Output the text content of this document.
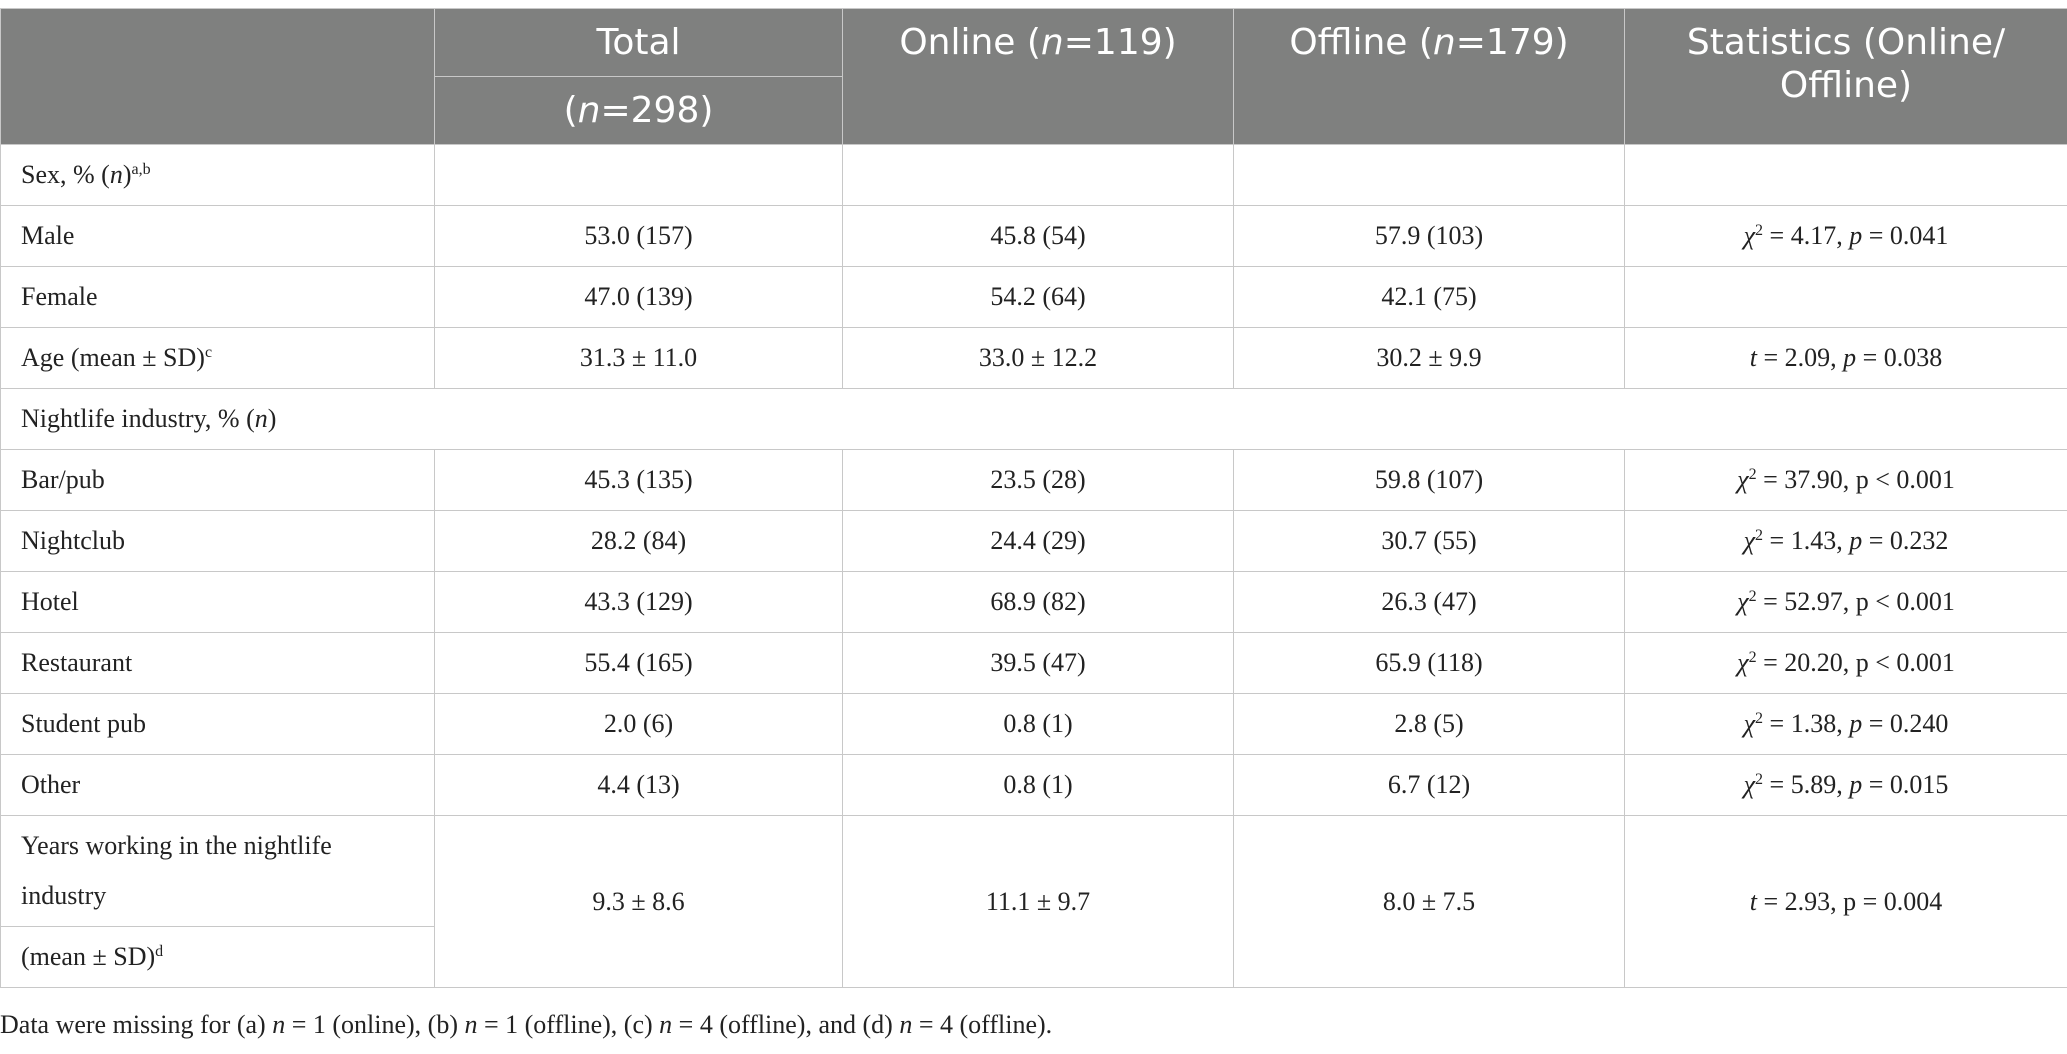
	Total	Online (n=119)	Offline (n=179)	Statistics (Online/
Offline)
	(n=298)			
Sex, % $(n)^{a,b}$				
Male	53.0 (157)	45.8 (54)	57.9 (103)	$\chi^2 = 4.17$, p = 0.041
Female	47.0 (139)	54.2 (64)	42.1 (75)	
Age (mean ± SD)$^c$	31.3 ± 11.0	33.0 ± 12.2	30.2 ± 9.9	t = 2.09, p = 0.038
Nightlife industry, % (n)				
Bar/pub	45.3 (135)	23.5 (28)	59.8 (107)	$\chi^2 = 37.90$, p < 0.001
Nightclub	28.2 (84)	24.4 (29)	30.7 (55)	$\chi^2 = 1.43$, p = 0.232
Hotel	43.3 (129)	68.9 (82)	26.3 (47)	$\chi^2 = 52.97$, p < 0.001
Restaurant	55.4 (165)	39.5 (47)	65.9 (118)	$\chi^2 = 20.20$, p < 0.001
Student pub	2.0 (6)	0.8 (1)	2.8 (5)	$\chi^2 = 1.38$, p = 0.240
Other	4.4 (13)	0.8 (1)	6.7 (12)	$\chi^2 = 5.89$, p = 0.015

Years working in the nightlife
industry	9.3 ± 8.6	11.1 ± 9.7	8.0 ± 7.5	t = 2.93, p = 0.004
(mean ± SD)$^d$
Data were missing for (a) n = 1 (online), (b) n = 1 (offline), (c) n = 4 (offline), and (d) n = 4 (offline).
